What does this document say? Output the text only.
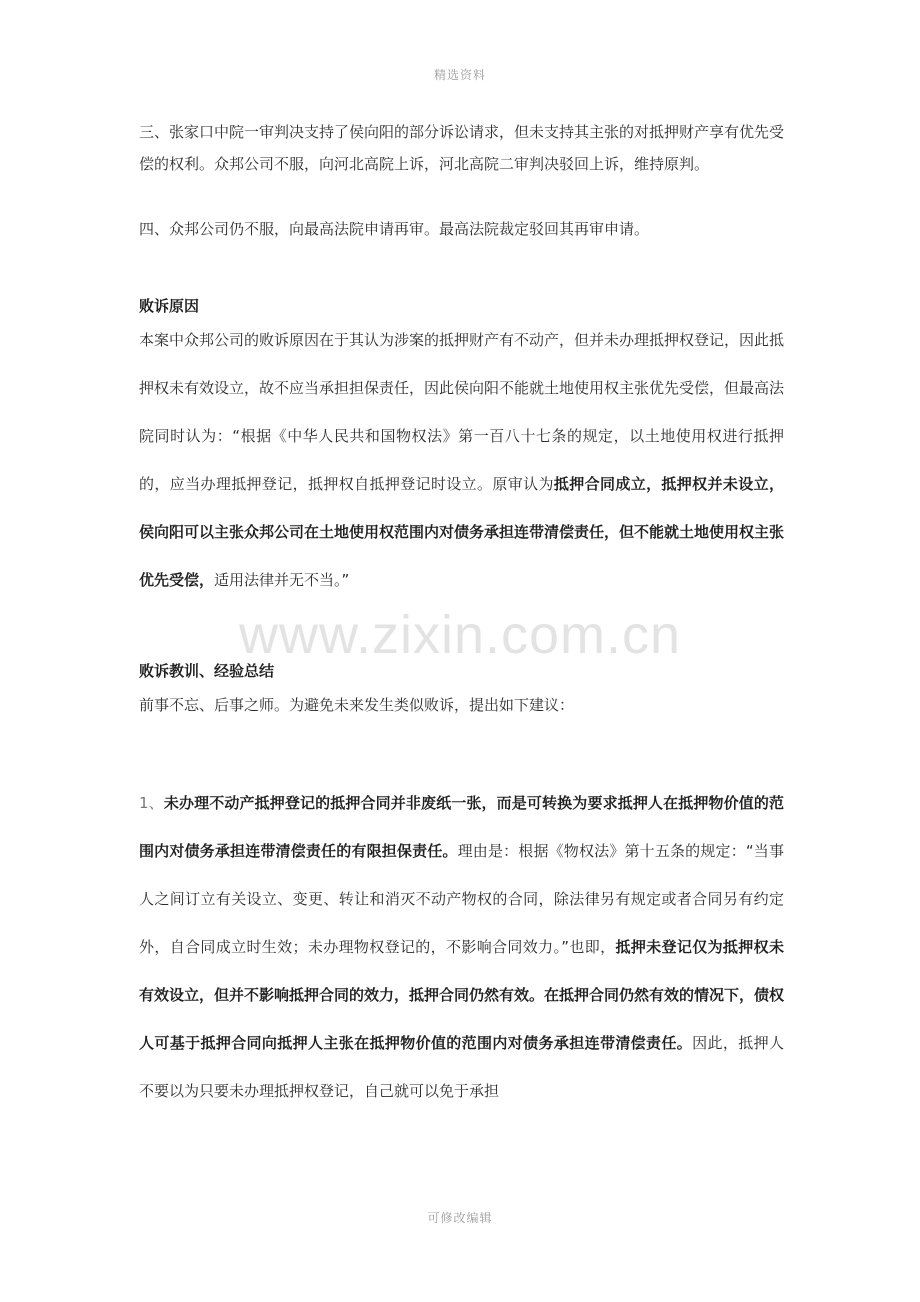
精选资料
www.zixin.com.cn

三、张家口中院一审判决支持了侯向阳的部分诉讼请求，但未支持其主张的对抵押财产享有优先受偿的权利。众邦公司不服，向河北高院上诉，河北高院二审判决驳回上诉，维持原判。

四、众邦公司仍不服，向最高法院申请再审。最高法院裁定驳回其再审申请。

败诉原因

本案中众邦公司的败诉原因在于其认为涉案的抵押财产有不动产，但并未办理抵押权登记，因此抵押权未有效设立，故不应当承担担保责任，因此侯向阳不能就土地使用权主张优先受偿，但最高法院同时认为：“根据《中华人民共和国物权法》第一百八十七条的规定，以土地使用权进行抵押的，应当办理抵押登记，抵押权自抵押登记时设立。原审认为抵押合同成立，抵押权并未设立，侯向阳可以主张众邦公司在土地使用权范围内对债务承担连带清偿责任，但不能就土地使用权主张优先受偿，适用法律并无不当。”

败诉教训、经验总结

前事不忘、后事之师。为避免未来发生类似败诉，提出如下建议：

1、未办理不动产抵押登记的抵押合同并非废纸一张，而是可转换为要求抵押人在抵押物价值的范围内对债务承担连带清偿责任的有限担保责任。理由是：根据《物权法》第十五条的规定：“当事人之间订立有关设立、变更、转让和消灭不动产物权的合同，除法律另有规定或者合同另有约定外，自合同成立时生效；未办理物权登记的，不影响合同效力。”也即，抵押未登记仅为抵押权未有效设立，但并不影响抵押合同的效力，抵押合同仍然有效。在抵押合同仍然有效的情况下，债权人可基于抵押合同向抵押人主张在抵押物价值的范围内对债务承担连带清偿责任。因此，抵押人不要以为只要未办理抵押权登记，自己就可以免于承担

可修改编辑
